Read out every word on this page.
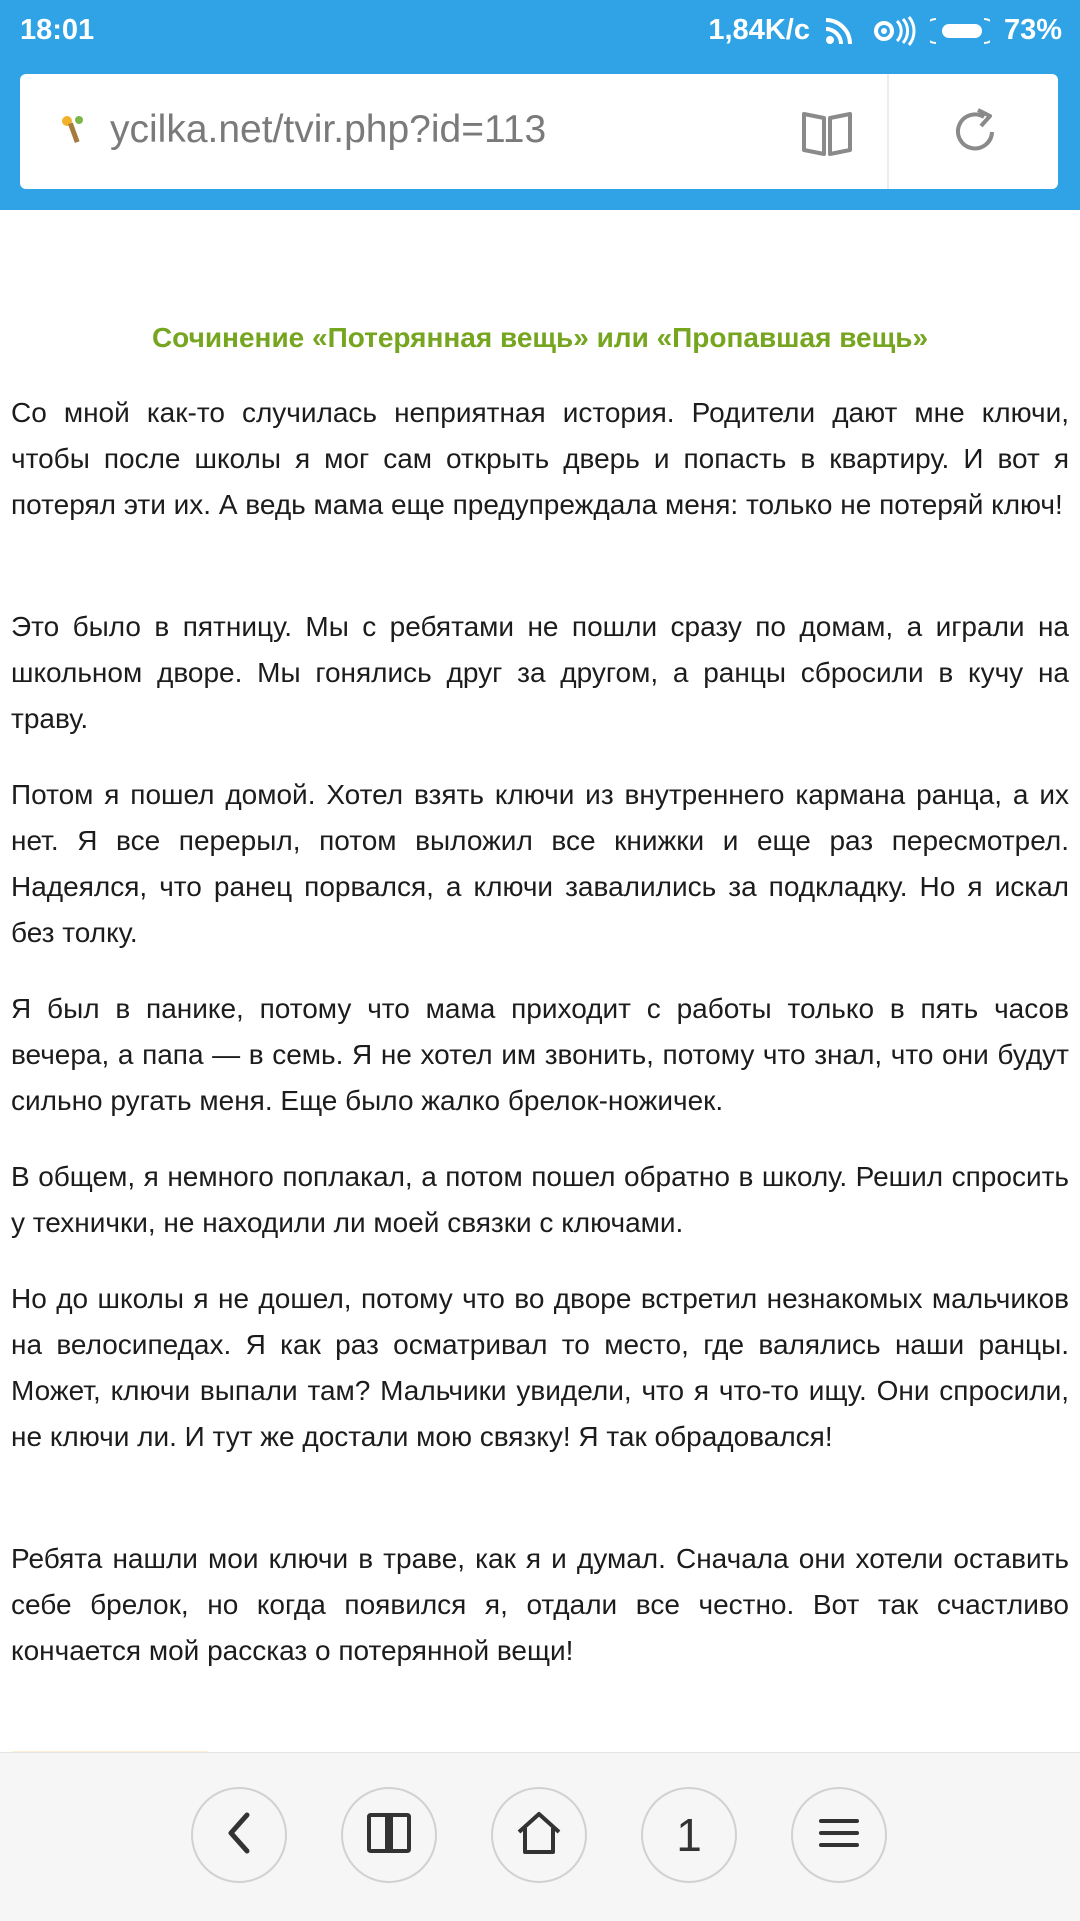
18:01	1,84K/c	73%
ycilka.net/tvir.php?id=113
Сочинение «Потерянная вещь» или «Пропавшая вещь»

Со мной как-то случилась неприятная история. Родители дают мне ключи, чтобы после школы я мог сам открыть дверь и попасть в квартиру. И вот я потерял эти их. А ведь мама еще предупреждала меня: только не потеряй ключ!

Это было в пятницу. Мы с ребятами не пошли сразу по домам, а играли на школьном дворе. Мы гонялись друг за другом, а ранцы сбросили в кучу на траву.

Потом я пошел домой. Хотел взять ключи из внутреннего кармана ранца, а их нет. Я все перерыл, потом выложил все книжки и еще раз пересмотрел. Надеялся, что ранец порвался, а ключи завалились за подкладку. Но я искал без толку.

Я был в панике, потому что мама приходит с работы только в пять часов вечера, а папа — в семь. Я не хотел им звонить, потому что знал, что они будут сильно ругать меня. Еще было жалко брелок-ножичек.

В общем, я немного поплакал, а потом пошел обратно в школу. Решил спросить у технички, не находили ли моей связки с ключами.

Но до школы я не дошел, потому что во дворе встретил незнакомых мальчиков на велосипедах. Я как раз осматривал то место, где валялись наши ранцы. Может, ключи выпали там? Мальчики увидели, что я что-то ищу. Они спросили, не ключи ли. И тут же достали мою связку! Я так обрадовался!

Ребята нашли мои ключи в траве, как я и думал. Сначала они хотели оставить себе брелок, но когда появился я, отдали все честно. Вот так счастливо кончается мой рассказ о потерянной вещи!

1
